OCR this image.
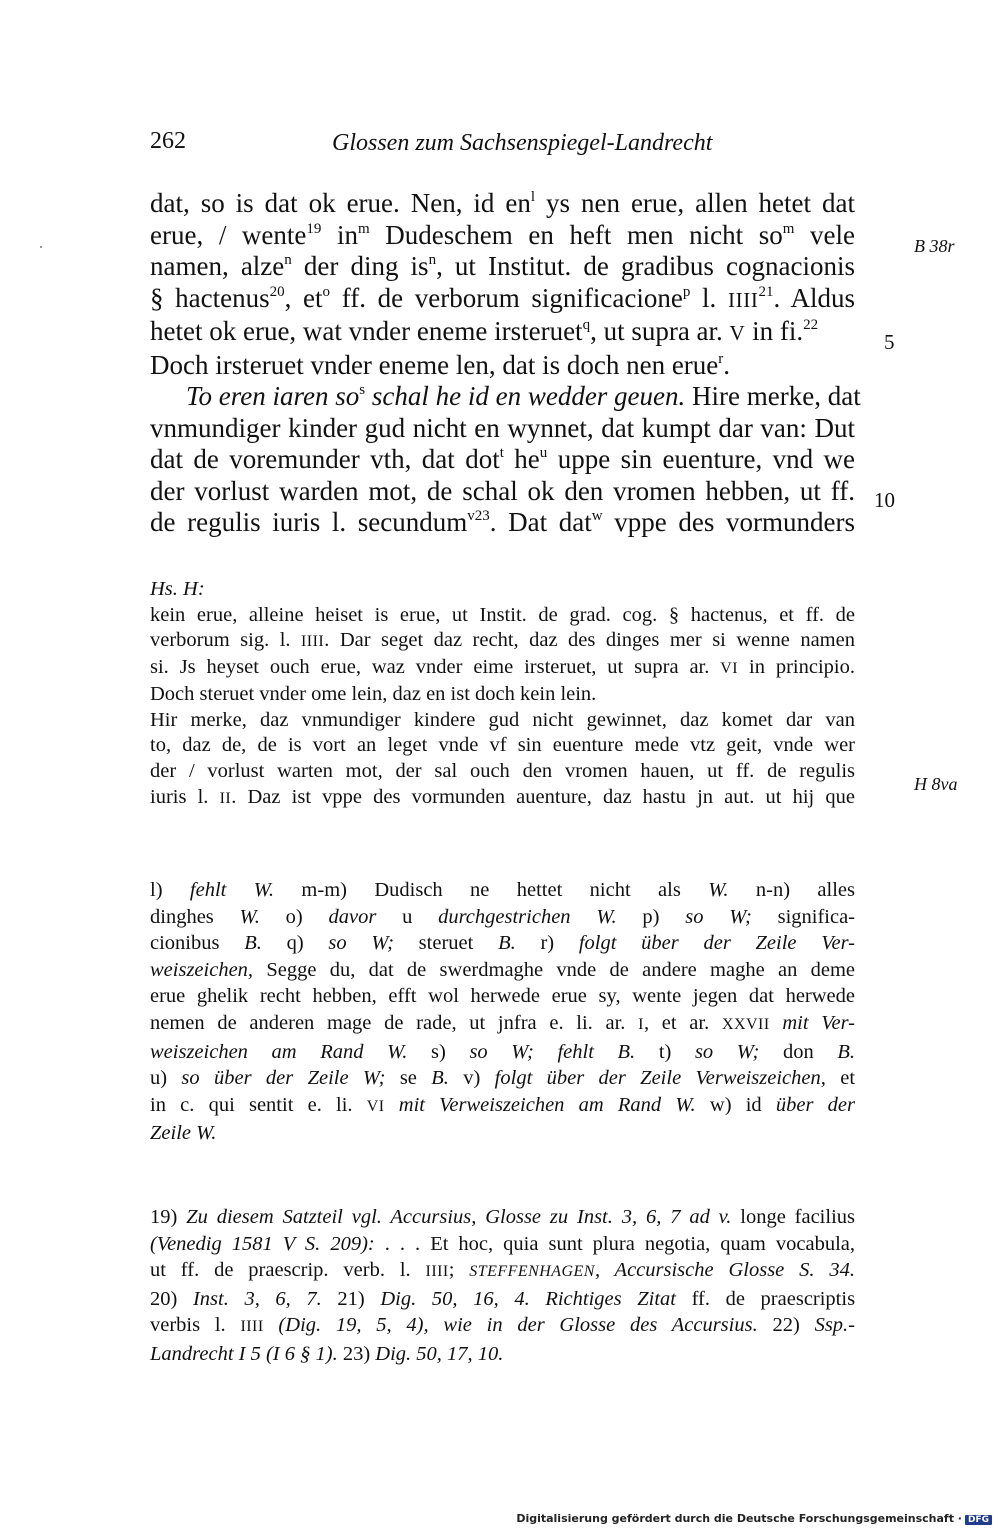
262	Glossen zum Sachsenspiegel-Landrecht
dat, so is dat ok erue. Nen, id $en^l$ ys nen erue, allen hetet dat
erue, / wente$^{19}$ $in^m$ Dudeschem en heft men nicht $so^m$ vele
namen, alze$^n$ der ding $is^n$, ut Institut. de gradibus cognacionis
§ hactenus$^{20}$, $et^o$ ff. de verborum significacione$^p$ l. IIII$^{21}$. Aldus
hetet ok erue, wat vnder eneme irsteruet$^q$, ut supra ar. V in fi.$^{22}$
Doch irsteruet vnder eneme len, dat is doch nen erue$^r$.
To eren iaren $so^s$ schal he id en wedder geuen. Hire merke, dat
vnmundiger kinder gud nicht en wynnet, dat kumpt dar van: Dut
dat de voremunder vth, dat dot$^t$ $he^u$ uppe sin euenture, vnd we
der vorlust warden mot, de schal ok den vromen hebben, ut ff.
de regulis iuris l. secundum$^{v23}$. Dat dat$^w$ vppe des vormunders
B 38r
5
10
Hs. H:
kein erue, alleine heiset is erue, ut Instit. de grad. cog. § hactenus, et ff. de
verborum sig. l. IIII. Dar seget daz recht, daz des dinges mer si wenne namen
si. Js heyset ouch erue, waz vnder eime irsteruet, ut supra ar. VI in principio.
Doch steruet vnder ome lein, daz en ist doch kein lein.
Hir merke, daz vnmundiger kindere gud nicht gewinnet, daz komet dar van
to, daz de, de is vort an leget vnde vf sin euenture mede vtz geit, vnde wer
der / vorlust warten mot, der sal ouch den vromen hauen, ut ff. de regulis
iuris l. II. Daz ist vppe des vormunden auenture, daz hastu jn aut. ut hij que
H 8va
l) fehlt W. m-m) Dudisch ne hettet nicht als W. n-n) alles
dinghes W. o) davor u durchgestrichen W. p) so W; significa-
cionibus B. q) so W; steruet B. r) folgt über der Zeile Ver-
weiszeichen, Segge du, dat de swerdmaghe vnde de andere maghe an deme
erue ghelik recht hebben, efft wol herwede erue sy, wente jegen dat herwede
nemen de anderen mage de rade, ut jnfra e. li. ar. I, et ar. XXVII mit Ver-
weiszeichen am Rand W. s) so W; fehlt B. t) so W; don B.
u) so über der Zeile W; se B. v) folgt über der Zeile Verweiszeichen, et
in c. qui sentit e. li. VI mit Verweiszeichen am Rand W. w) id über der
Zeile W.
19) Zu diesem Satzteil vgl. Accursius, Glosse zu Inst. 3, 6, 7 ad v. longe facilius
(Venedig 1581 V S. 209): . . . Et hoc, quia sunt plura negotia, quam vocabula,
ut ff. de praescrip. verb. l. IIII; STEFFENHAGEN, Accursische Glosse S. 34.
20) Inst. 3, 6, 7. 21) Dig. 50, 16, 4. Richtiges Zitat ff. de praescriptis
verbis l. IIII (Dig. 19, 5, 4), wie in der Glosse des Accursius. 22) Ssp.-
Landrecht I 5 (I 6 § 1). 23) Dig. 50, 17, 10.
Digitalisierung gefördert durch die Deutsche Forschungsgemeinschaft · DFG
